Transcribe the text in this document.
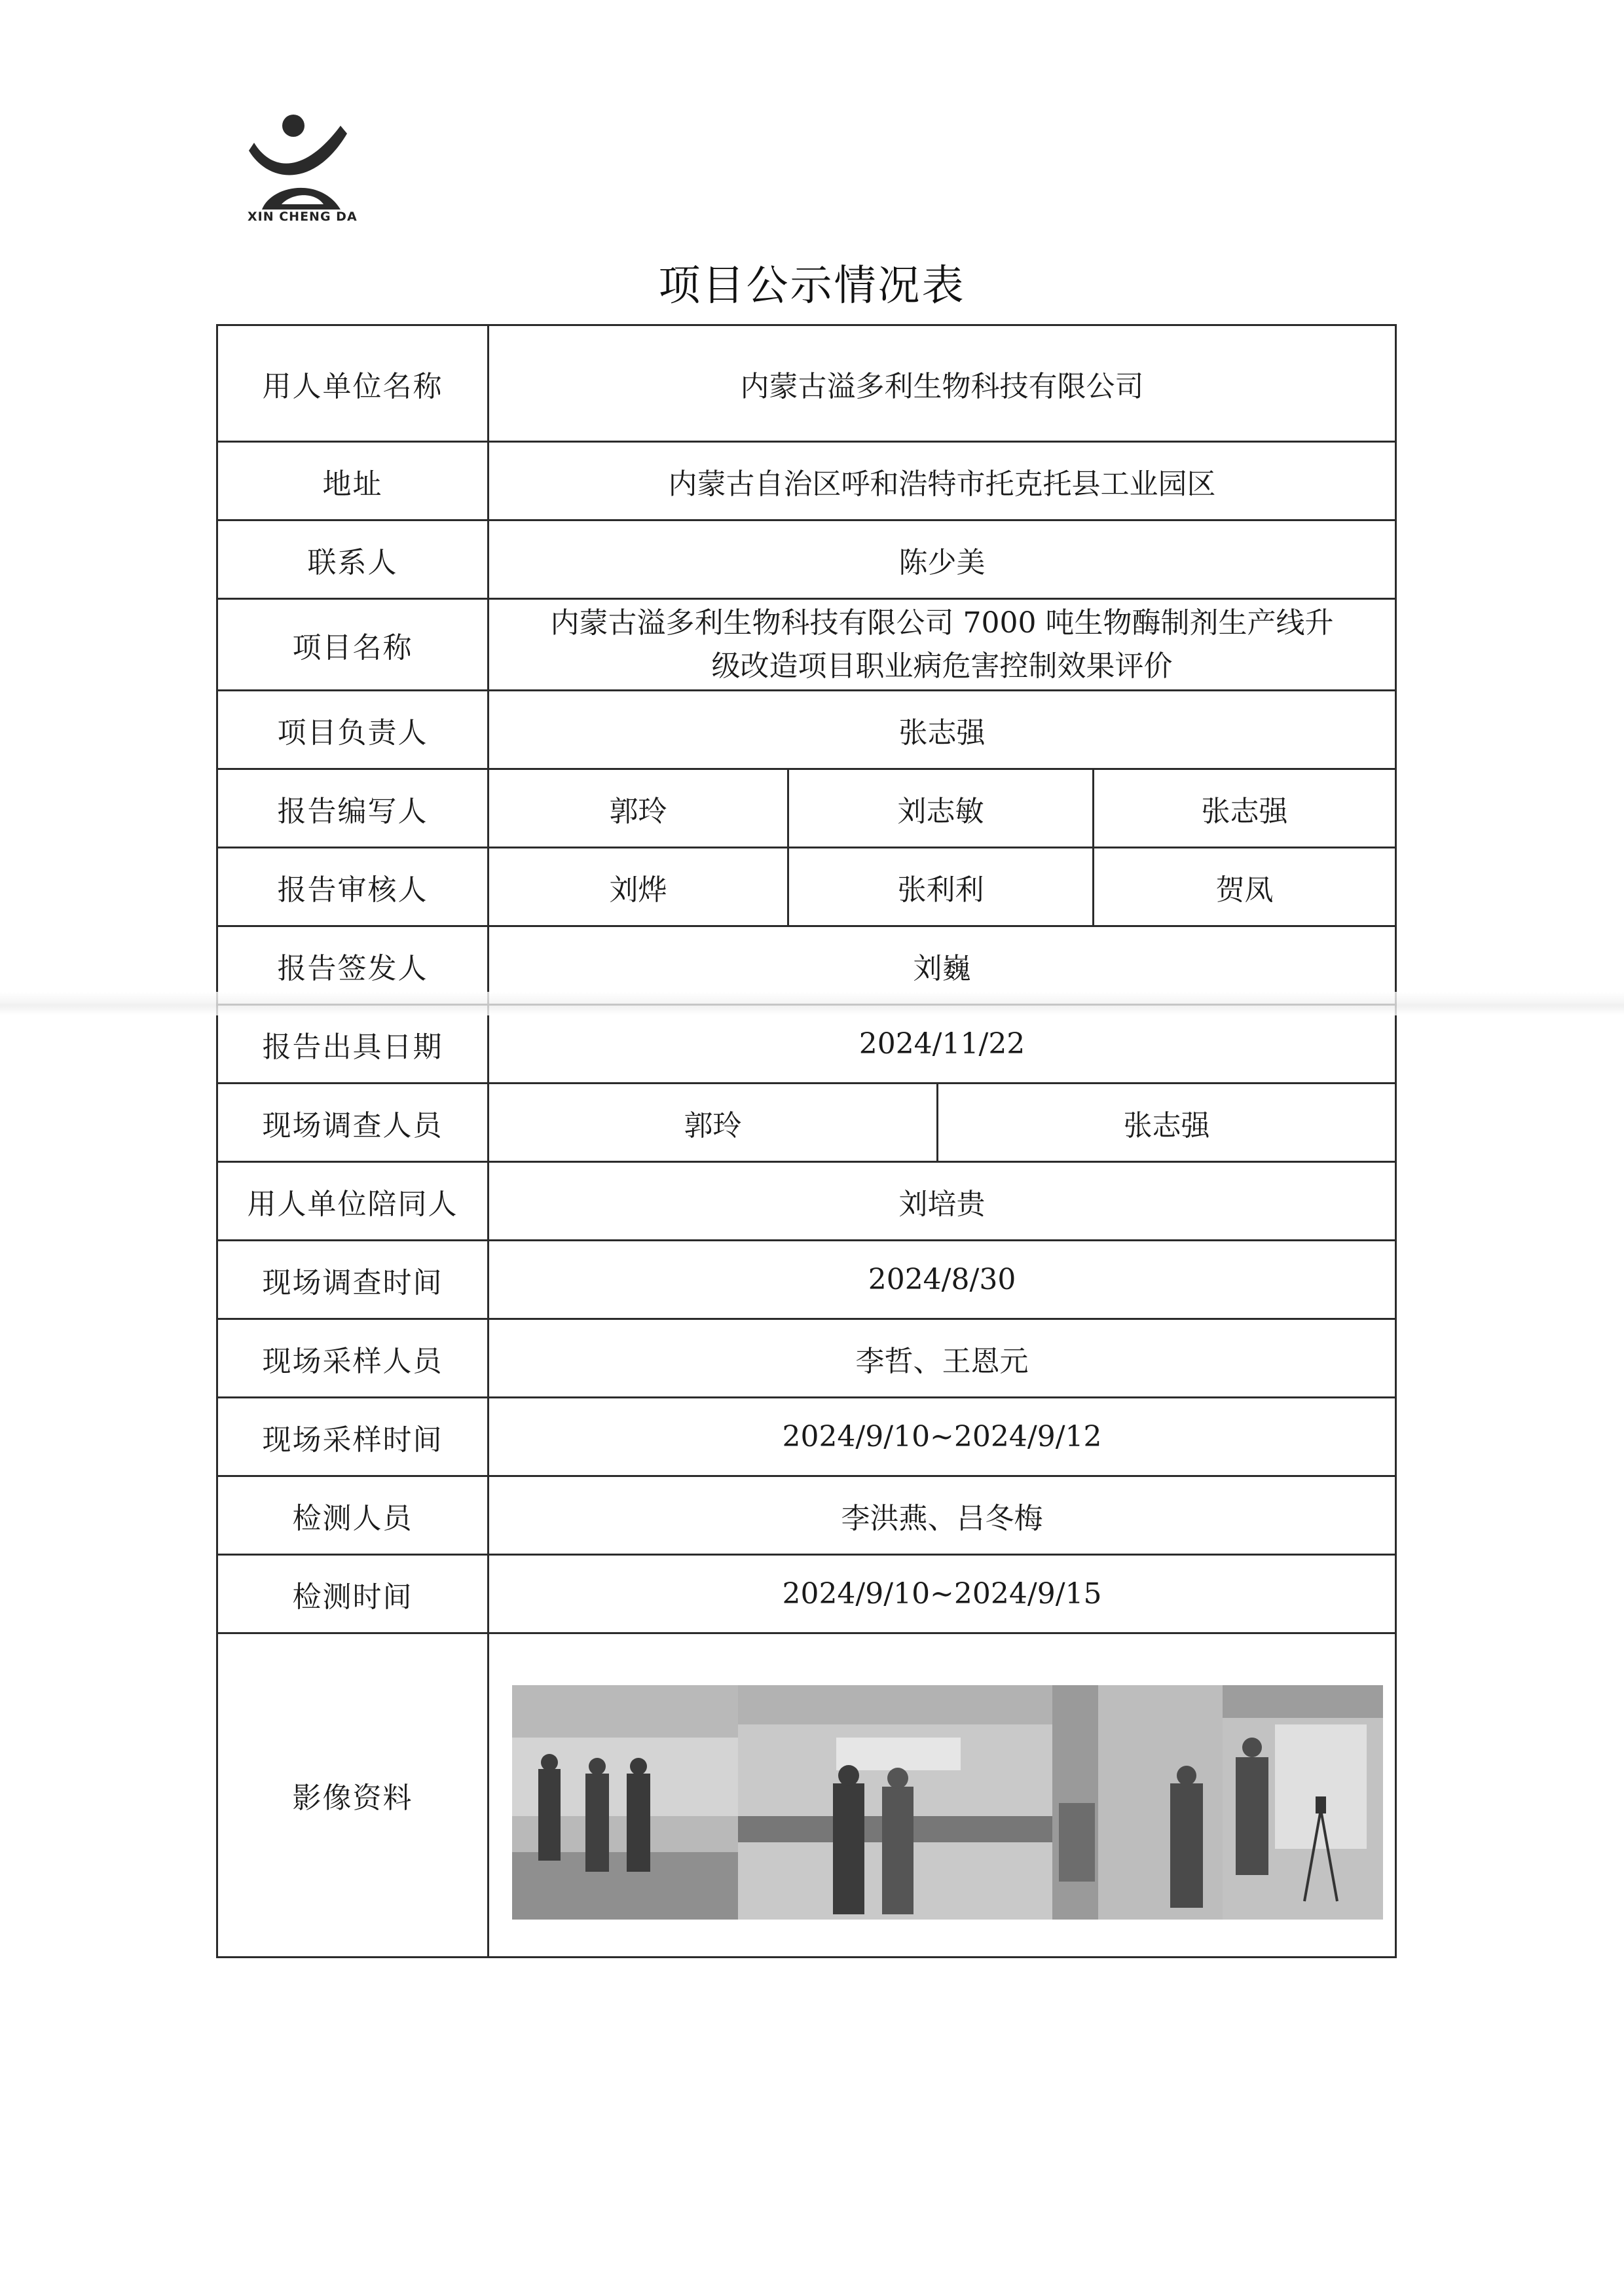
XIN CHENG DA
项目公示情况表
用人单位名称	内蒙古溢多利生物科技有限公司			
地址	内蒙古自治区呼和浩特市托克托县工业园区			
联系人	陈少美			
项目名称	内蒙古溢多利生物科技有限公司 7000 吨生物酶制剂生产线升
级改造项目职业病危害控制效果评价			

项目负责人	张志强			
报告编写人	郭玲	刘志敏		张志强
报告审核人	刘烨	张利利		贺凤
报告签发人	刘巍			
报告出具日期	2024/11/22			
现场调查人员	郭玲		张志强	
用人单位陪同人	刘培贵			
现场调查时间	2024/8/30			
现场采样人员	李哲、王恩元			
现场采样时间	2024/9/10~2024/9/12			
检测人员	李洪燕、吕冬梅			
检测时间	2024/9/10~2024/9/15			
影像资料	
